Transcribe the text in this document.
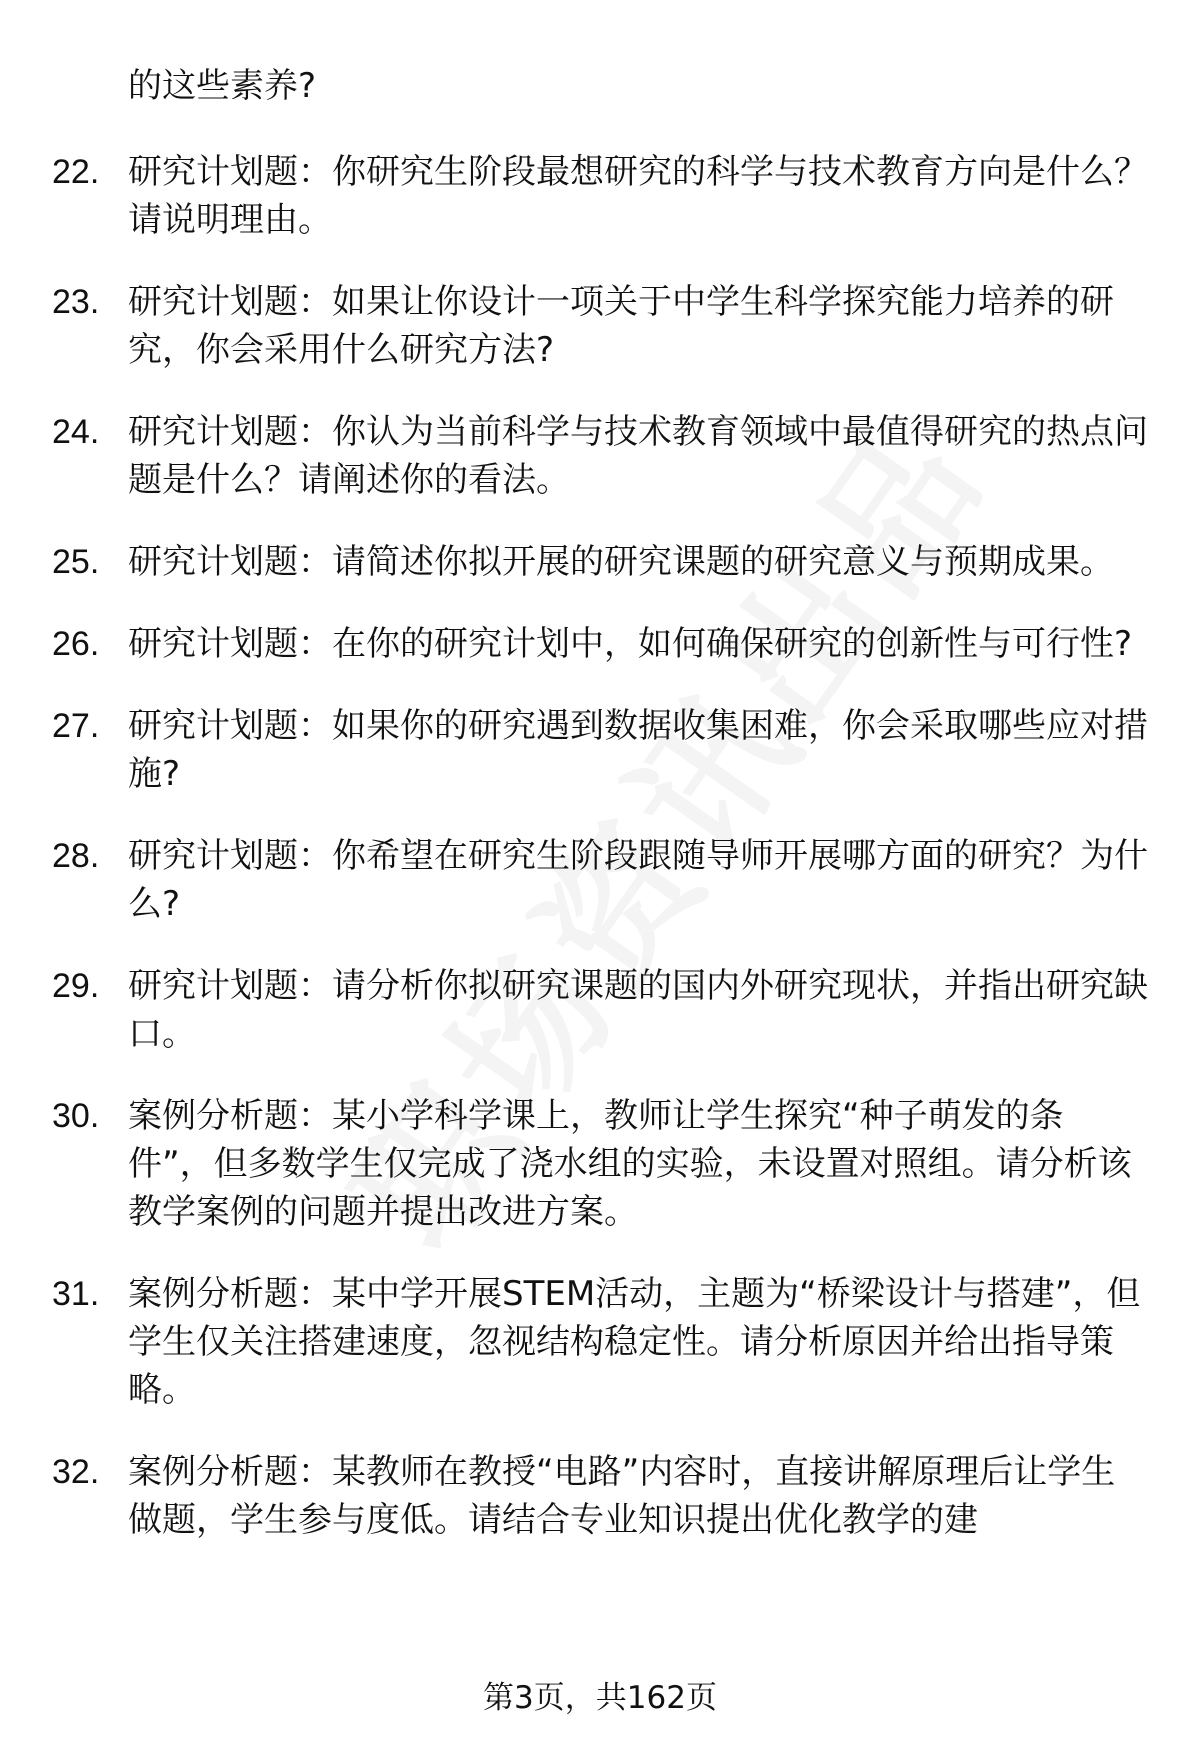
的这些素养?
22. 研究计划题：你研究生阶段最想研究的科学与技术教育方向是什么？请说明理由。
23. 研究计划题：如果让你设计一项关于中学生科学探究能力培养的研究，你会采用什么研究方法?
24. 研究计划题：你认为当前科学与技术教育领域中最值得研究的热点问题是什么？请阐述你的看法。
25. 研究计划题：请简述你拟开展的研究课题的研究意义与预期成果。
26. 研究计划题：在你的研究计划中，如何确保研究的创新性与可行性?
27. 研究计划题：如果你的研究遇到数据收集困难，你会采取哪些应对措施?
28. 研究计划题：你希望在研究生阶段跟随导师开展哪方面的研究？为什么?
29. 研究计划题：请分析你拟研究课题的国内外研究现状，并指出研究缺口。
30. 案例分析题：某小学科学课上，教师让学生探究“种子萌发的条件”，但多数学生仅完成了浇水组的实验，未设置对照组。请分析该教学案例的问题并提出改进方案。
31. 案例分析题：某中学开展STEM活动，主题为“桥梁设计与搭建”，但学生仅关注搭建速度，忽视结构稳定性。请分析原因并给出指导策略。
32. 案例分析题：某教师在教授“电路”内容时，直接讲解原理后让学生做题，学生参与度低。请结合专业知识提出优化教学的建
第3页，共162页
